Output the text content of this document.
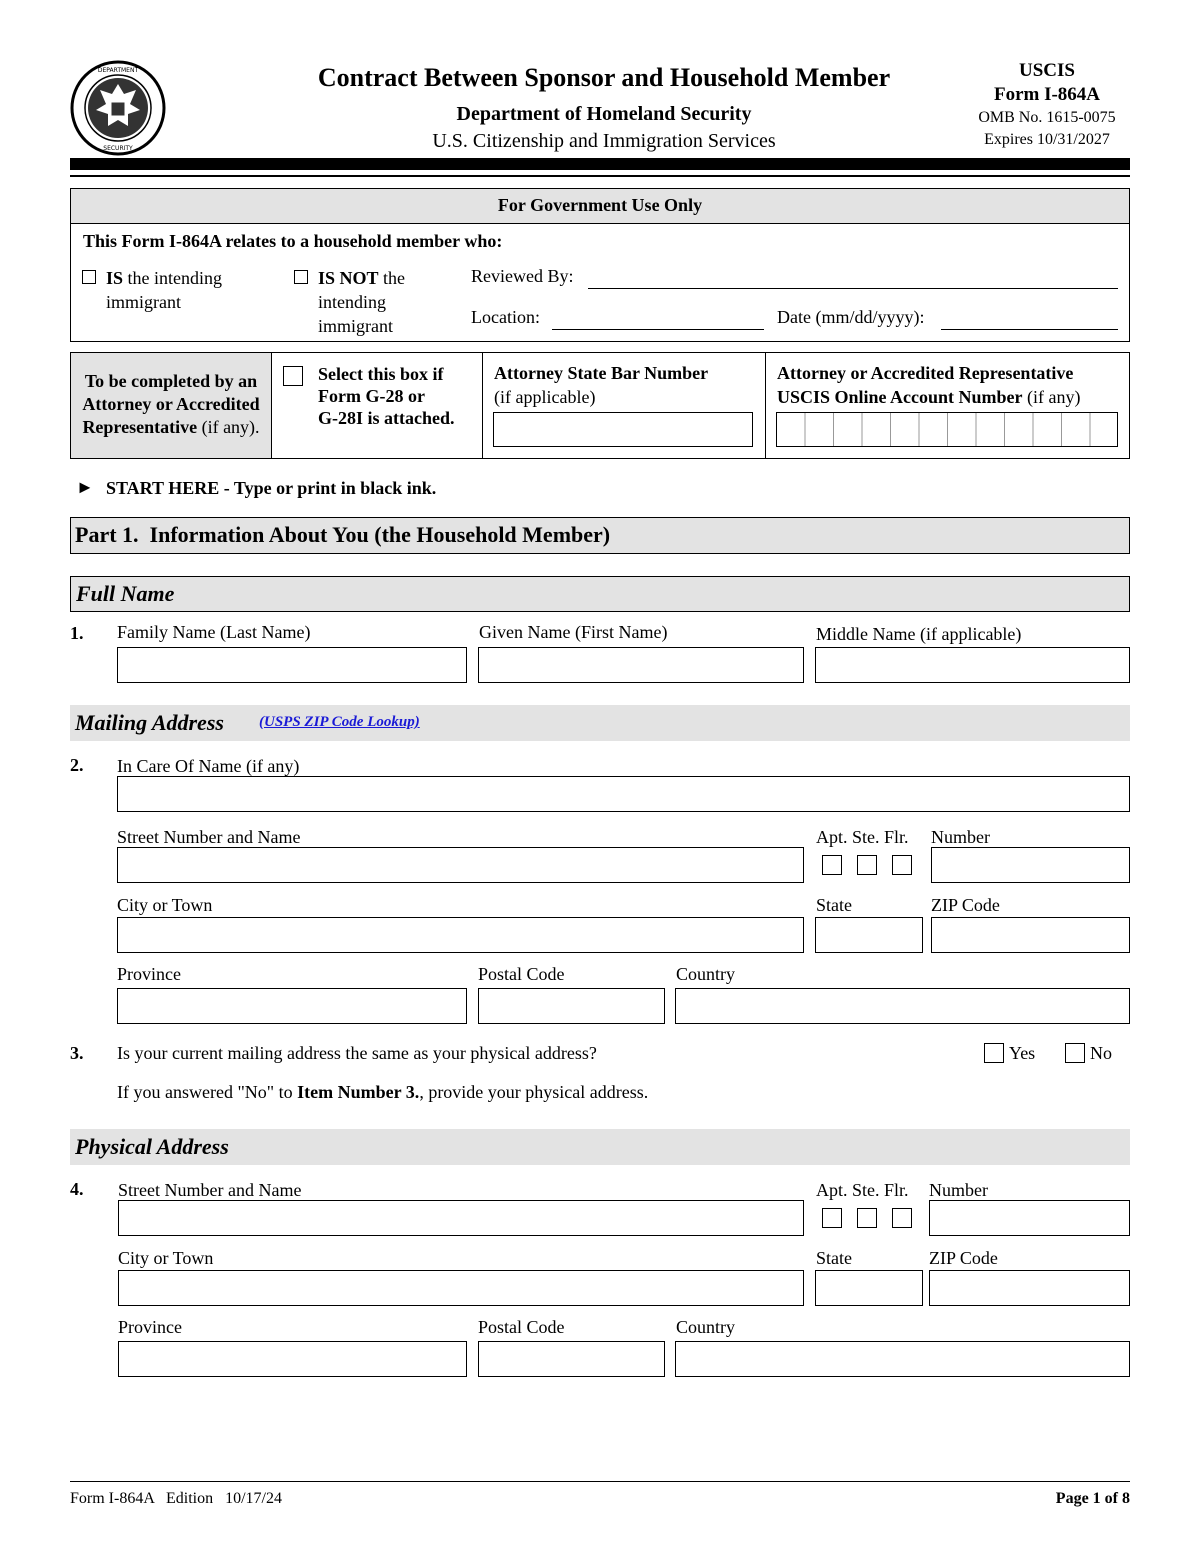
DEPARTMENT
SECURITY
Contract Between Sponsor and Household Member
Department of Homeland Security
U.S. Citizenship and Immigration Services
USCIS
Form I-864A
OMB No. 1615-0075
Expires 10/31/2027
For Government Use Only
This Form I-864A relates to a household member who:
IS the intending
immigrant
IS NOT the
intending
immigrant
Reviewed By:
Location:	Date (mm/dd/yyyy):
To be completed by an
Attorney or Accredited
Representative (if any).
Select this box if
Form G-28 or
G-28I is attached.
Attorney State Bar Number
(if applicable)
Attorney or Accredited Representative
USCIS Online Account Number (if any)
► START HERE - Type or print in black ink.
Part 1.  Information About You (the Household Member)
Full Name
1. Family Name (Last Name)	Given Name (First Name)	Middle Name (if applicable)
Mailing Address (USPS ZIP Code Lookup)
2. In Care Of Name (if any)
Street Number and Name	Apt. Ste. Flr. Number
City or Town	State	ZIP Code
Province	Postal Code	Country
3. Is your current mailing address the same as your physical address?	Yes	No
If you answered "No" to Item Number 3., provide your physical address.
Physical Address
4. Street Number and Name	Apt. Ste. Flr. Number
City or Town	State	ZIP Code
Province	Postal Code	Country
Form I-864A   Edition   10/17/24	Page 1 of 8
